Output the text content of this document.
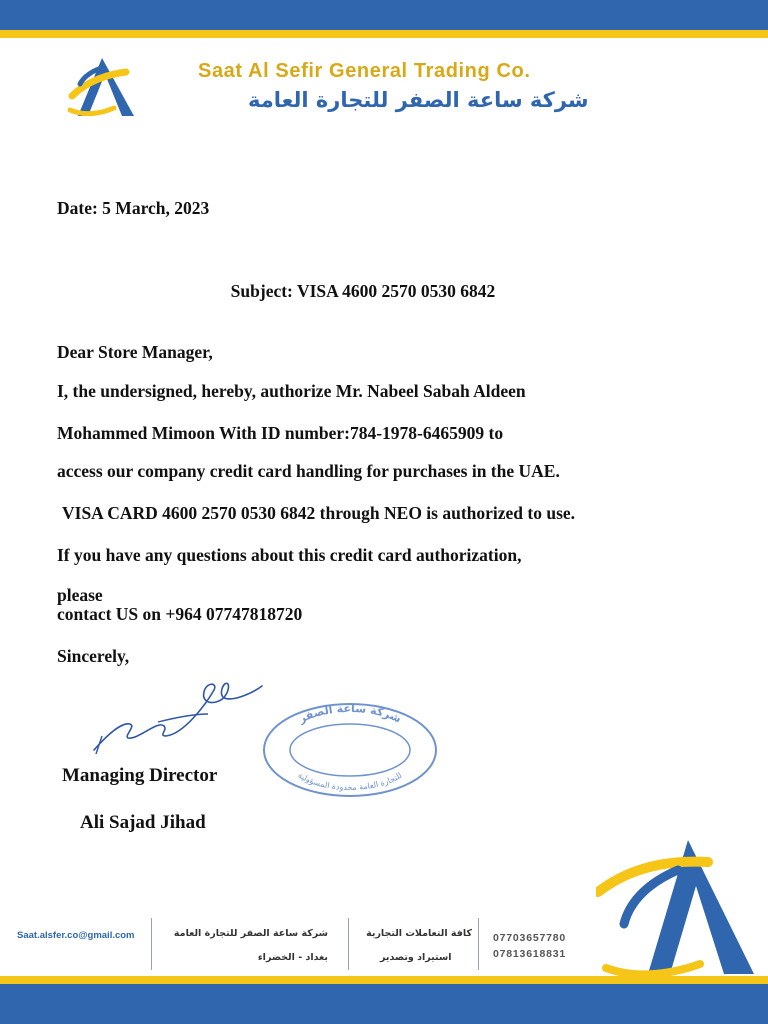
Saat Al Sefir General Trading Co.
شركة ساعة الصفر للتجارة العامة
Date: 5 March, 2023
Subject: VISA 4600 2570 0530 6842
Dear Store Manager,
I, the undersigned, hereby, authorize Mr. Nabeel Sabah Aldeen
Mohammed Mimoon With ID number:784-1978-6465909 to
access our company credit card handling for purchases in the UAE.
VISA CARD 4600 2570 0530 6842 through NEO is authorized to use.
If you have any questions about this credit card authorization,
please
contact US on +964 07747818720
Sincerely,
شركة ساعة الصفر
للتجارة العامة محدودة المسؤولية
Managing Director
Ali Sajad Jihad
Saat.alsfer.co@gmail.com	شركة ساعة الصفر للتجارة العامة
بغداد - الخضراء
كافة التعاملات التجارية
استيراد وتصدير
07703657780
07813618831
